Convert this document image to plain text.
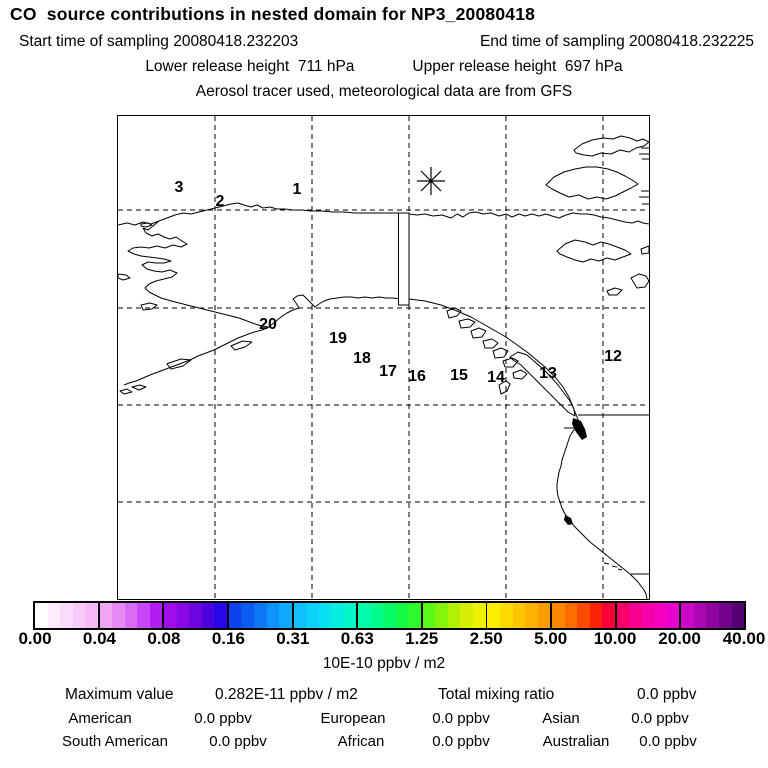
CO  source contributions in nested domain for NP3_20080418
Start time of sampling 20080418.232203	End time of sampling 20080418.232225
Lower release height  711 hPa	Upper release height  697 hPa
Aerosol tracer used, meteorological data are from GFS
1
2
3
12
13
14
15
16
17
18
19
20
0.00 0.04 0.08 0.16 0.31 0.63 1.25 2.50 5.00 10.00 20.00 40.00
10E-10 ppbv / m2
Maximum value	0.282E-11 ppbv / m2	Total mixing ratio	0.0 ppbv
American	0.0 ppbv	European	0.0 ppbv	Asian	0.0 ppbv
South American	0.0 ppbv	African	0.0 ppbv	Australian 0.0 ppbv
